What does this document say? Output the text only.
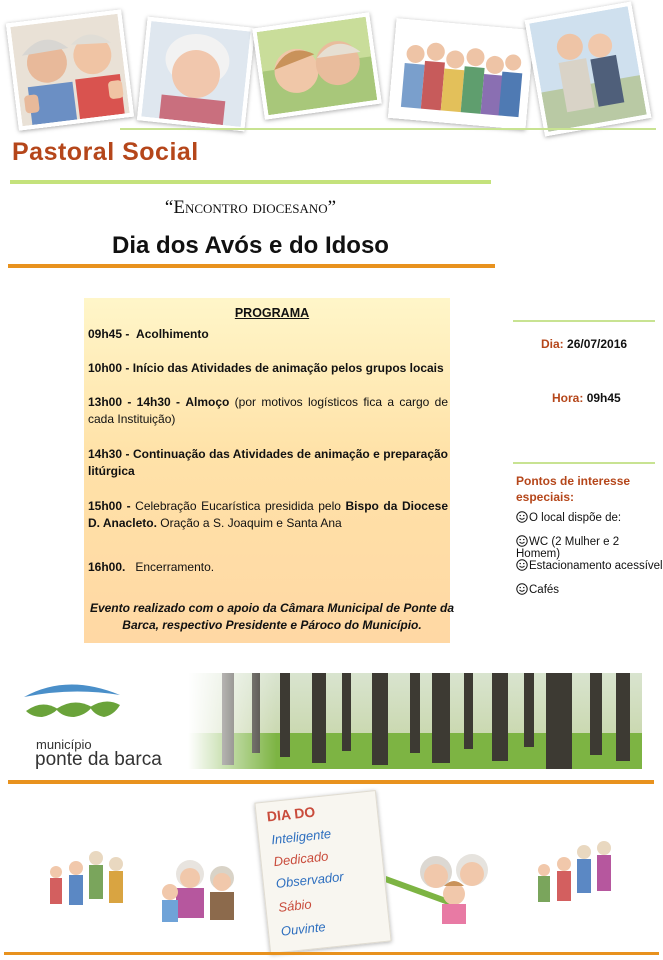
Pastoral Social
“Encontro diocesano”
Dia dos Avós e do Idoso
PROGRAMA
09h45 - Acolhimento
10h00 - Início das Atividades de animação pelos grupos locais
13h00 - 14h30 - Almoço (por motivos logísticos fica a cargo de cada Instituição)
14h30 - Continuação das Atividades de animação e preparação litúrgica
15h00 - Celebração Eucarística presidida pelo Bispo da Diocese D. Anacleto. Oração a S. Joaquim e Santa Ana
16h00. Encerramento.
Evento realizado com o apoio da Câmara Municipal de Ponte da Barca, respectivo Presidente e Pároco do Município.
Dia: 26/07/2016
Hora: 09h45
Pontos de interesse especiais:
O local dispõe de:
WC (2 Mulher e 2 Homem)
Estacionamento acessível
Cafés
município
ponte da barca
DIA DO
Inteligente
Dedicado
Observador
Sábio
Ouvinte
